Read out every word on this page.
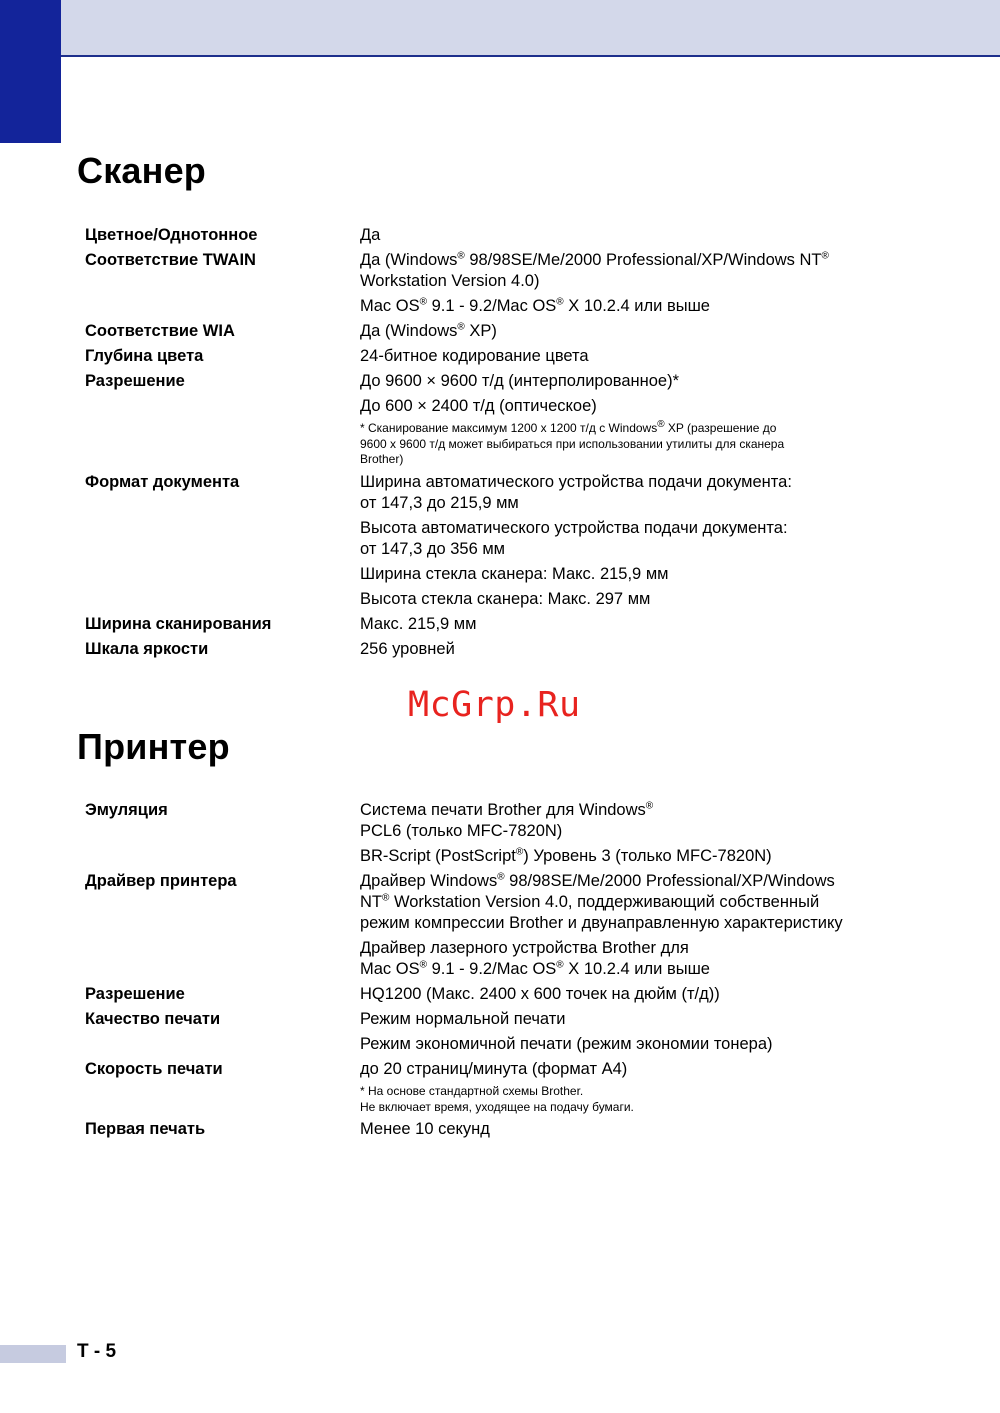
Сканер
Цветное/Однотонное	Да
Соответствие TWAIN	Да (Windows® 98/98SE/Me/2000 Professional/XP/Windows NT®
Workstation Version 4.0)
Mac OS® 9.1 - 9.2/Mac OS® X 10.2.4 или выше
Соответствие WIA	Да (Windows® XP)
Глубина цвета	24-битное кодирование цвета
Разрешение	До 9600 × 9600 т/д (интерполированное)*
До 600 × 2400 т/д (оптическое)
* Сканирование максимум 1200 x 1200 т/д с Windows® XP (разрешение до
9600 x 9600 т/д может выбираться при использовании утилиты для сканера
Brother)
Формат документа	Ширина автоматического устройства подачи документа:
от 147,3 до 215,9 мм
Высота автоматического устройства подачи документа:
от 147,3 до 356 мм
Ширина стекла сканера: Макс. 215,9 мм
Высота стекла сканера: Макс. 297 мм
Ширина сканирования	Макс. 215,9 мм
Шкала яркости	256 уровней
McGrp.Ru
Принтер
Эмуляция	Система печати Brother для Windows®
PCL6 (только MFC-7820N)
BR-Script (PostScript®) Уровень 3 (только MFC-7820N)
Драйвер принтера	Драйвер Windows® 98/98SE/Me/2000 Professional/XP/Windows
NT® Workstation Version 4.0, поддерживающий собственный
режим компрессии Brother и двунаправленную характеристику
Драйвер лазерного устройства Brother для
Mac OS® 9.1 - 9.2/Mac OS® X 10.2.4 или выше
Разрешение	HQ1200 (Макс. 2400 x 600 точек на дюйм (т/д))
Качество печати	Режим нормальной печати
Режим экономичной печати (режим экономии тонера)
Скорость печати	до 20 страниц/минута (формат А4)
* На основе стандартной схемы Brother.
Не включает время, уходящее на подачу бумаги.
Первая печать	Менее 10 секунд
T - 5
